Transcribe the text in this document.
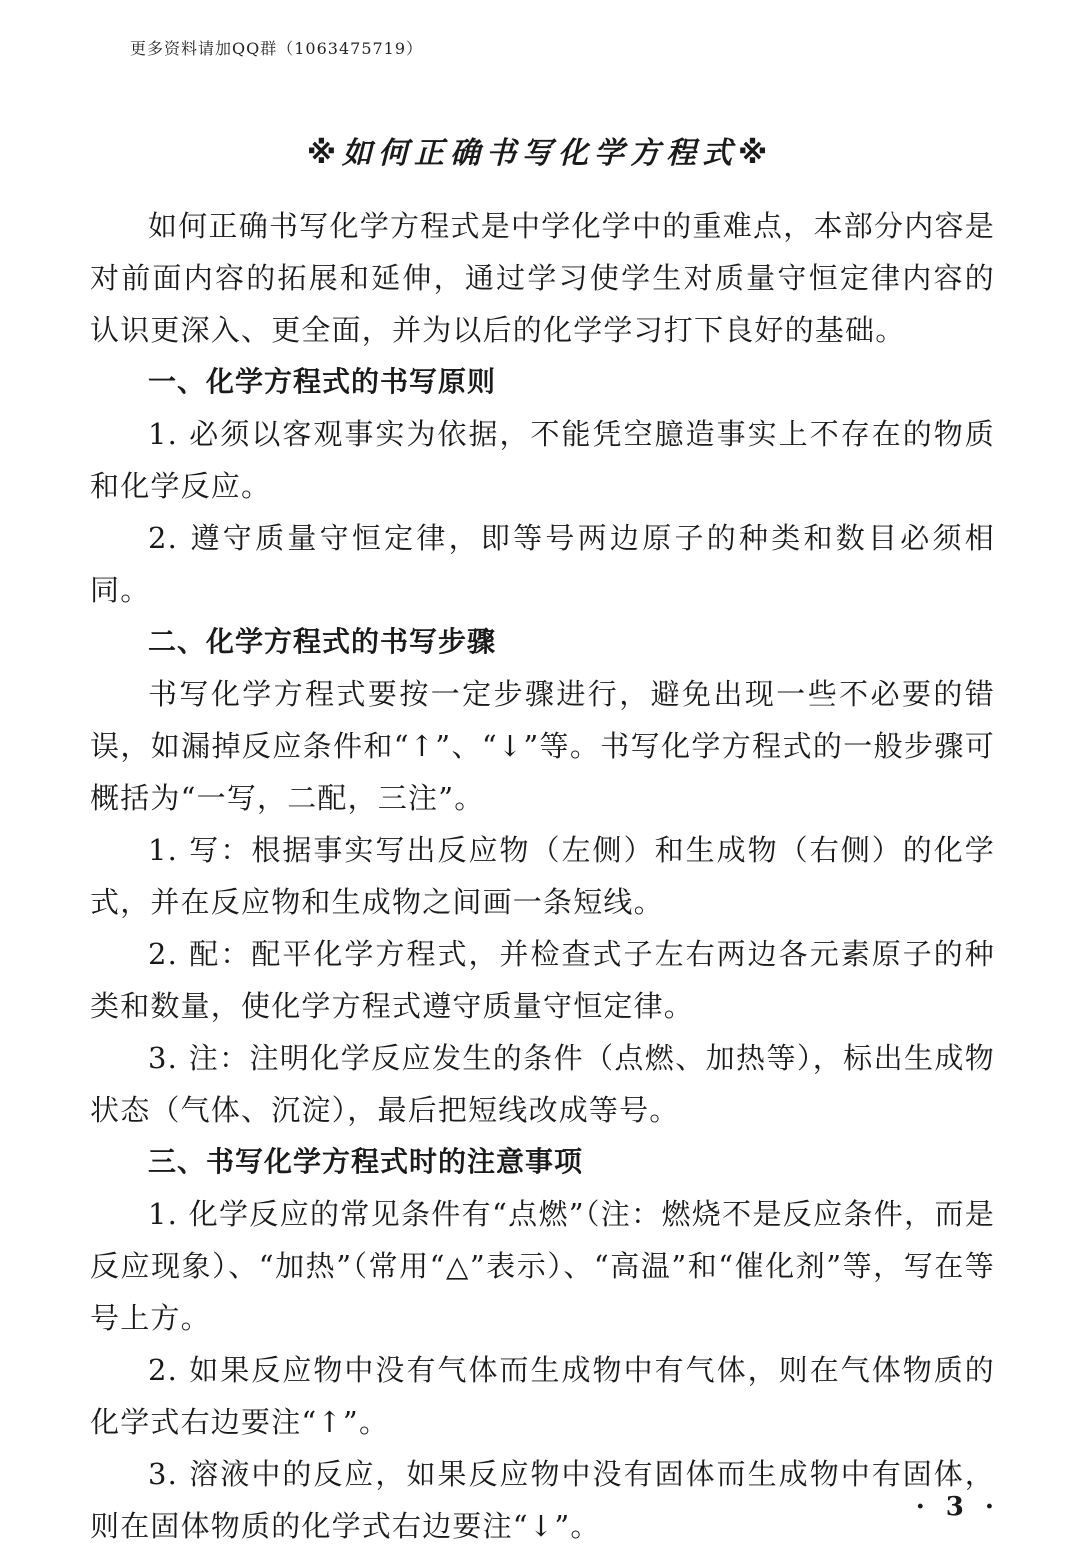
更多资料请加QQ群（1063475719）
※如何正确书写化学方程式※

如何正确书写化学方程式是中学化学中的重难点，本部分内容是对前面内容的拓展和延伸，通过学习使学生对质量守恒定律内容的认识更深入、更全面，并为以后的化学学习打下良好的基础。

一、化学方程式的书写原则

1. 必须以客观事实为依据，不能凭空臆造事实上不存在的物质和化学反应。

2. 遵守质量守恒定律，即等号两边原子的种类和数目必须相同。

二、化学方程式的书写步骤

书写化学方程式要按一定步骤进行，避免出现一些不必要的错误，如漏掉反应条件和“↑”、“↓”等。书写化学方程式的一般步骤可概括为“一写，二配，三注”。

1. 写：根据事实写出反应物（左侧）和生成物（右侧）的化学式，并在反应物和生成物之间画一条短线。

2. 配：配平化学方程式，并检查式子左右两边各元素原子的种类和数量，使化学方程式遵守质量守恒定律。

3. 注：注明化学反应发生的条件（点燃、加热等），标出生成物状态（气体、沉淀），最后把短线改成等号。

三、书写化学方程式时的注意事项

1. 化学反应的常见条件有“点燃”（注：燃烧不是反应条件，而是反应现象）、“加热”（常用“△”表示）、“高温”和“催化剂”等，写在等号上方。

2. 如果反应物中没有气体而生成物中有气体，则在气体物质的化学式右边要注“↑”。

3. 溶液中的反应，如果反应物中没有固体而生成物中有固体，则在固体物质的化学式右边要注“↓”。

· 3 ·
